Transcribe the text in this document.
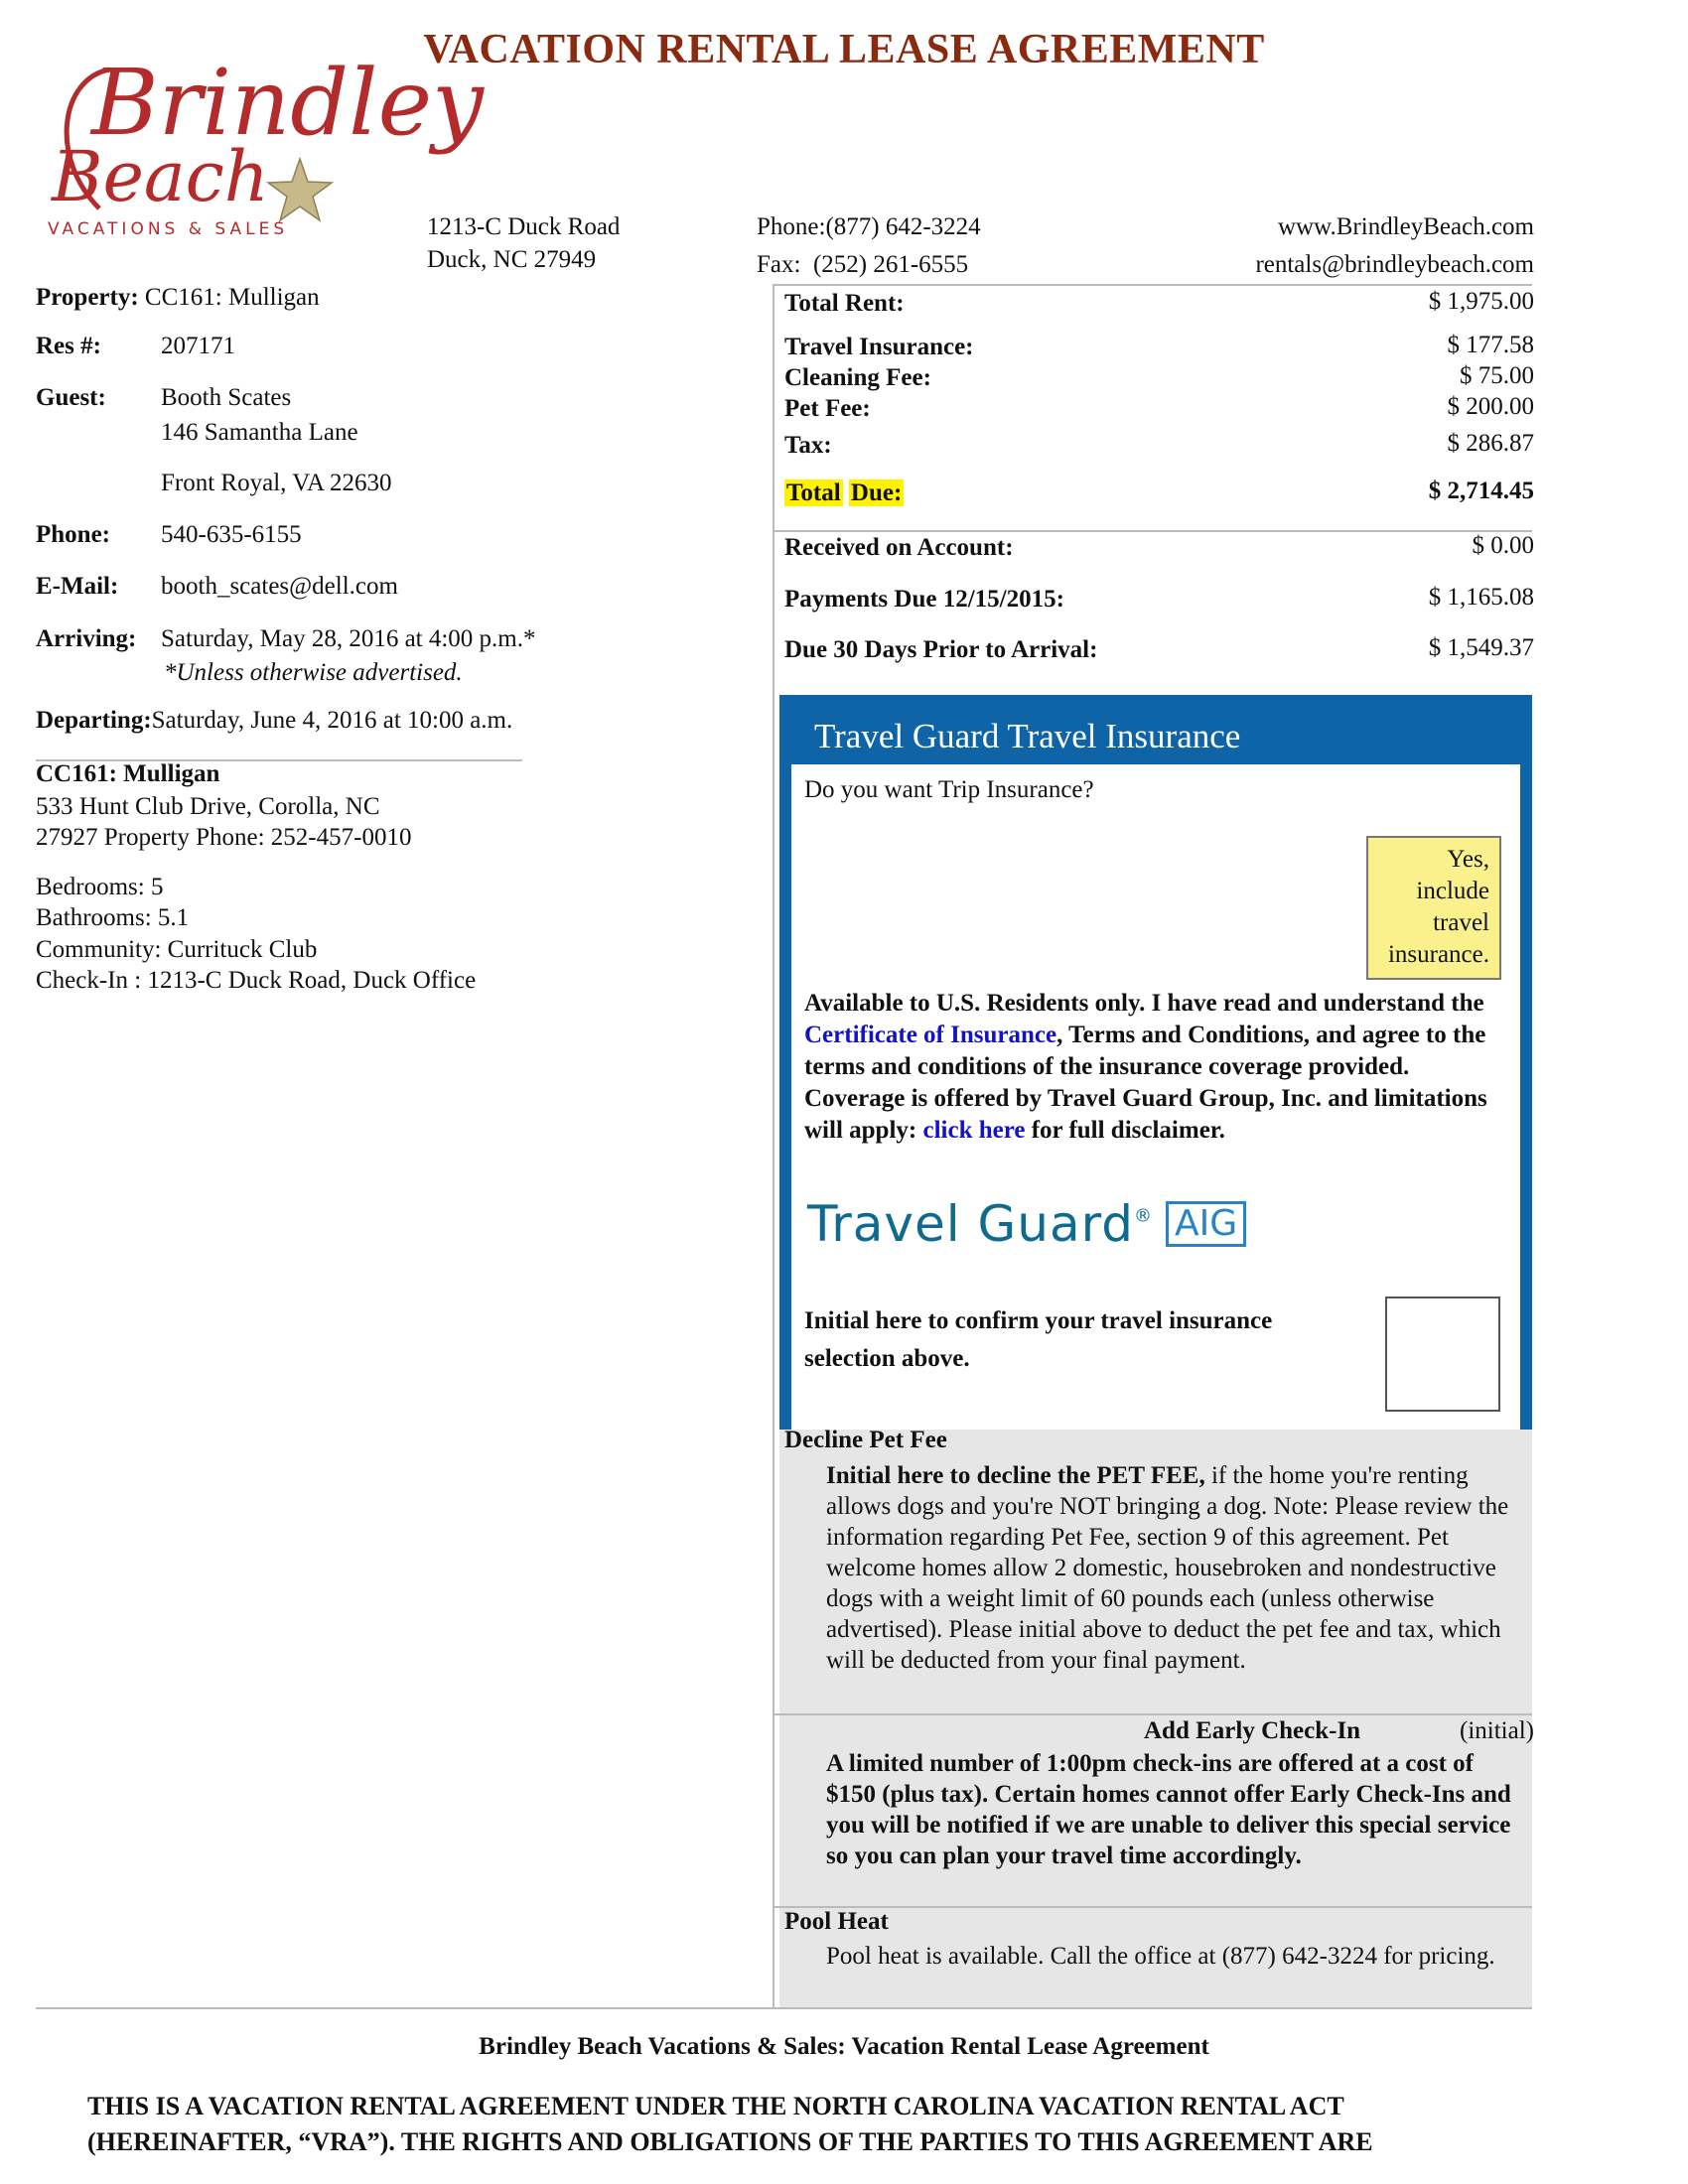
VACATION RENTAL LEASE AGREEMENT
Brindley
Beach
VACATIONS & SALES	1213-C Duck Road
Duck, NC 27949
Phone:(877) 642-3224
Fax:  (252) 261-6555
www.BrindleyBeach.com
rentals@brindleybeach.com
Property: CC161: Mulligan
Res #: 207171
Guest: Booth Scates
146 Samantha Lane
Front Royal, VA 22630
Phone: 540-635-6155
E-Mail: booth_scates@dell.com
Arriving: Saturday, May 28, 2016 at 4:00 p.m.*
*Unless otherwise advertised.
Departing:Saturday, June 4, 2016 at 10:00 a.m.
CC161: Mulligan
533 Hunt Club Drive, Corolla, NC
27927 Property Phone: 252-457-0010
Bedrooms: 5
Bathrooms: 5.1
Community: Currituck Club
Check-In : 1213-C Duck Road, Duck Office
Total Rent:	$ 1,975.00
Travel Insurance:	$ 177.58
Cleaning Fee:	$ 75.00
Pet Fee:	$ 200.00
Tax:	$ 286.87
Total Due:	$ 2,714.45
Received on Account:	$ 0.00
Payments Due 12/15/2015:	$ 1,165.08
Due 30 Days Prior to Arrival:	$ 1,549.37
Travel Guard Travel Insurance
Do you want Trip Insurance?
Yes,
include
travel
insurance.
Available to U.S. Residents only. I have read and understand the Certificate of Insurance, Terms and Conditions, and agree to the terms and conditions of the insurance coverage provided. Coverage is offered by Travel Guard Group, Inc. and limitations will apply: click here for full disclaimer.
Travel Guard® AIG
Initial here to confirm your travel insurance selection above.
Decline Pet Fee
Initial here to decline the PET FEE, if the home you're renting allows dogs and you're NOT bringing a dog. Note: Please review the information regarding Pet Fee, section 9 of this agreement. Pet welcome homes allow 2 domestic, housebroken and nondestructive dogs with a weight limit of 60 pounds each (unless otherwise advertised). Please initial above to deduct the pet fee and tax, which will be deducted from your final payment.
Add Early Check-In	(initial)
A limited number of 1:00pm check-ins are offered at a cost of $150 (plus tax). Certain homes cannot offer Early Check-Ins and you will be notified if we are unable to deliver this special service so you can plan your travel time accordingly.
Pool Heat
Pool heat is available. Call the office at (877) 642-3224 for pricing.
Brindley Beach Vacations & Sales: Vacation Rental Lease Agreement
THIS IS A VACATION RENTAL AGREEMENT UNDER THE NORTH CAROLINA VACATION RENTAL ACT
(HEREINAFTER, “VRA”). THE RIGHTS AND OBLIGATIONS OF THE PARTIES TO THIS AGREEMENT ARE
